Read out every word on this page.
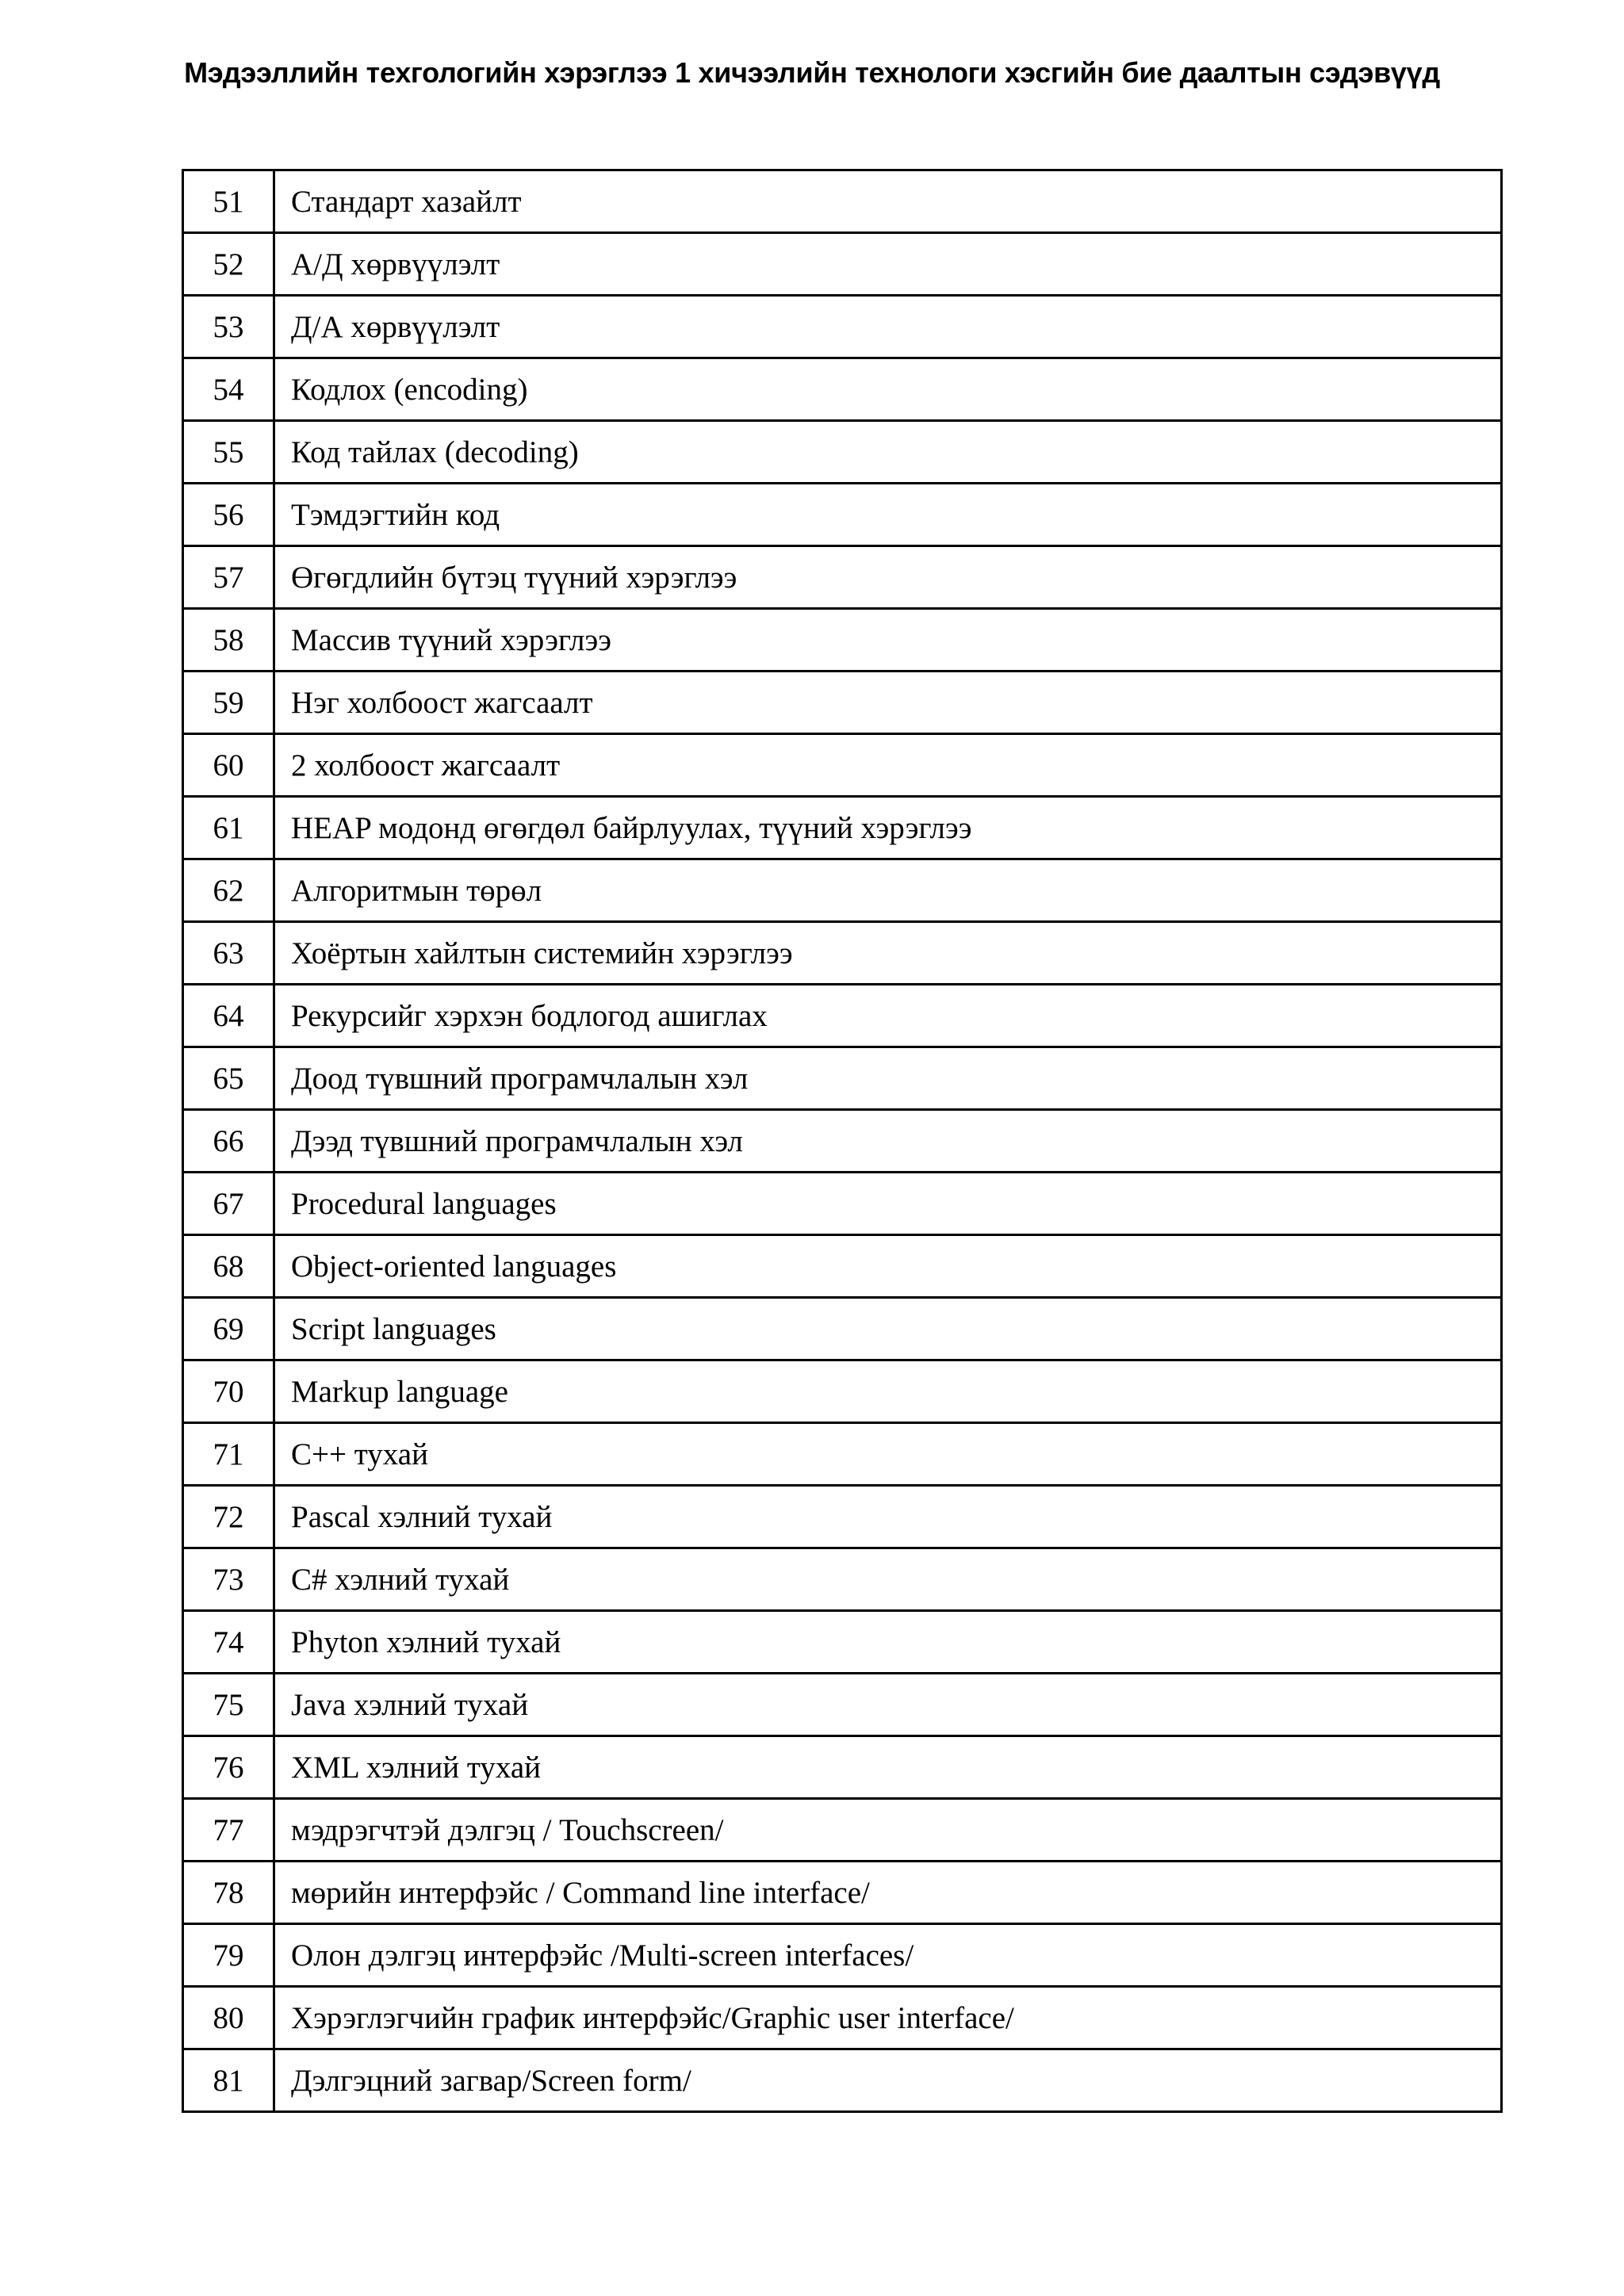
Мэдээллийн техгологийн хэрэглээ 1 хичээлийн технологи хэсгийн бие даалтын сэдэвүүд
51	Стандарт хазайлт
52	А/Д хөрвүүлэлт
53	Д/А хөрвүүлэлт
54	Кодлох (encoding)
55	Код тайлах (decoding)
56	Тэмдэгтийн код
57	Өгөгдлийн бүтэц түүний хэрэглээ
58	Массив түүний хэрэглээ
59	Нэг холбоост жагсаалт
60	2 холбоост жагсаалт
61	HEAP модонд өгөгдөл байрлуулах, түүний хэрэглээ
62	Алгоритмын төрөл
63	Хоёртын хайлтын системийн хэрэглээ
64	Рекурсийг хэрхэн бодлогод ашиглах
65	Доод түвшний програмчлалын хэл
66	Дээд түвшний програмчлалын хэл
67	Procedural languages
68	Object-oriented languages
69	Script languages
70	Markup language
71	C++ тухай
72	Pascal хэлний тухай
73	C# хэлний тухай
74	Phyton хэлний тухай
75	Java хэлний тухай
76	XML хэлний тухай
77	мэдрэгчтэй дэлгэц / Touchscreen/
78	мөрийн интерфэйс / Command line interface/
79	Олон дэлгэц интерфэйс /Multi-screen interfaces/
80	Хэрэглэгчийн график интерфэйс/Graphic user interface/
81	Дэлгэцний загвар/Screen form/
